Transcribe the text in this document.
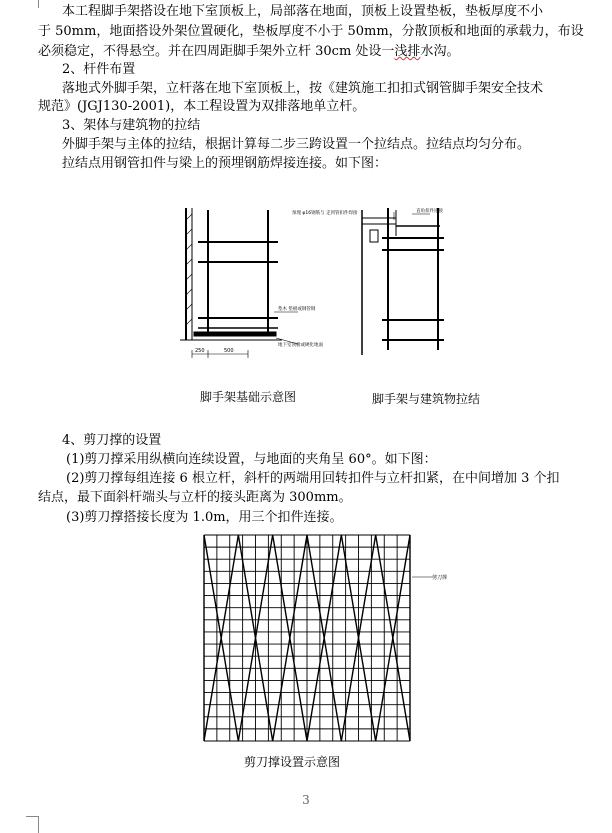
本工程脚手架搭设在地下室顶板上，局部落在地面，顶板上设置垫板，垫板厚度不小

于 50mm，地面搭设外架位置硬化，垫板厚度不小于 50mm，分散顶板和地面的承载力，布设

必须稳定，不得悬空。并在四周距脚手架外立杆 30cm 处设一浅排水沟。

2、杆件布置

落地式外脚手架，立杆落在地下室顶板上，按《建筑施工扣扣式钢管脚手架安全技术

规范》(JGJ130-2001)，本工程设置为双排落地单立杆。

3、架体与建筑物的拉结

外脚手架与主体的拉结，根据计算每二步三跨设置一个拉结点。拉结点均匀分布。

拉结点用钢管扣件与梁上的预埋钢筋焊接连接。如下图：

250	500
垫木 垫板或钢管钢
地下室顶板或硬化地面
脚手架基础示意图
预埋 φ16钢筋与 走到管扣件焊接	直角扣件连接
脚手架与建筑物拉结

4、剪刀撑的设置

(1)剪刀撑采用纵横向连续设置，与地面的夹角呈 60°。如下图：

(2)剪刀撑每组连接 6 根立杆，斜杆的两端用回转扣件与立杆扣紧，在中间增加 3 个扣

结点，最下面斜杆端头与立杆的接头距离为 300mm。

(3)剪刀撑搭接长度为 1.0m，用三个扣件连接。

剪刀撑
剪刀撑设置示意图
3
